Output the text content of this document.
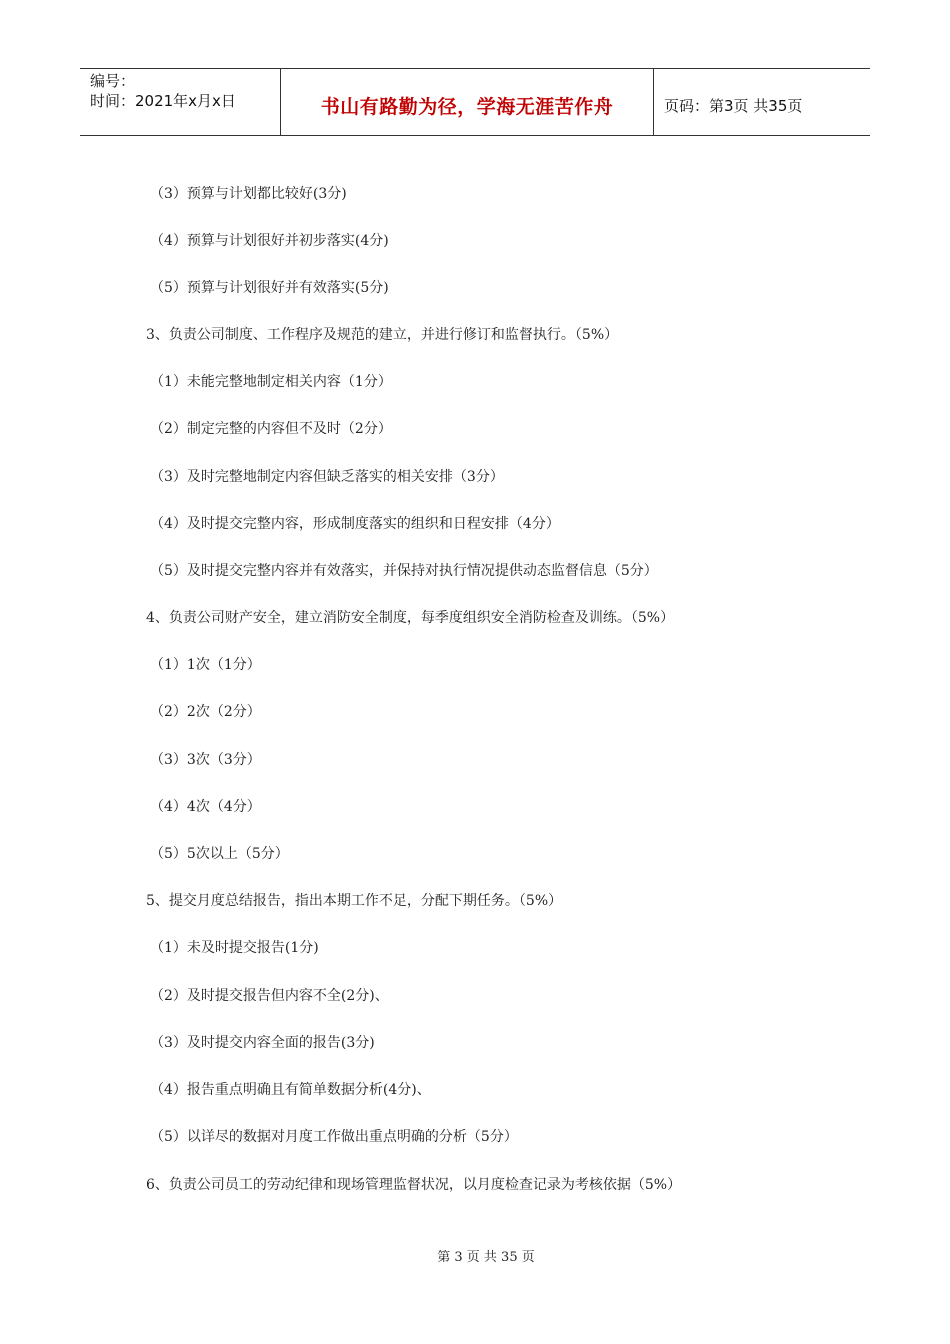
编号：
时间：2021年x月x日	书山有路勤为径，学海无涯苦作舟	页码：第3页 共35页
（3）预算与计划都比较好(3分)
（4）预算与计划很好并初步落实(4分)
（5）预算与计划很好并有效落实(5分)
3、负责公司制度、工作程序及规范的建立，并进行修订和监督执行。（5%）
（1）未能完整地制定相关内容（1分）
（2）制定完整的内容但不及时（2分）
（3）及时完整地制定内容但缺乏落实的相关安排（3分）
（4）及时提交完整内容，形成制度落实的组织和日程安排（4分）
（5）及时提交完整内容并有效落实，并保持对执行情况提供动态监督信息（5分）
4、负责公司财产安全，建立消防安全制度，每季度组织安全消防检查及训练。（5%）
（1）1次（1分）
（2）2次（2分）
（3）3次（3分）
（4）4次（4分）
（5）5次以上（5分）
5、提交月度总结报告，指出本期工作不足，分配下期任务。（5%）
（1）未及时提交报告(1分)
（2）及时提交报告但内容不全(2分)、
（3）及时提交内容全面的报告(3分)
（4）报告重点明确且有简单数据分析(4分)、
（5）以详尽的数据对月度工作做出重点明确的分析（5分）
6、负责公司员工的劳动纪律和现场管理监督状况，以月度检查记录为考核依据（5%）
第 3 页 共 35 页
